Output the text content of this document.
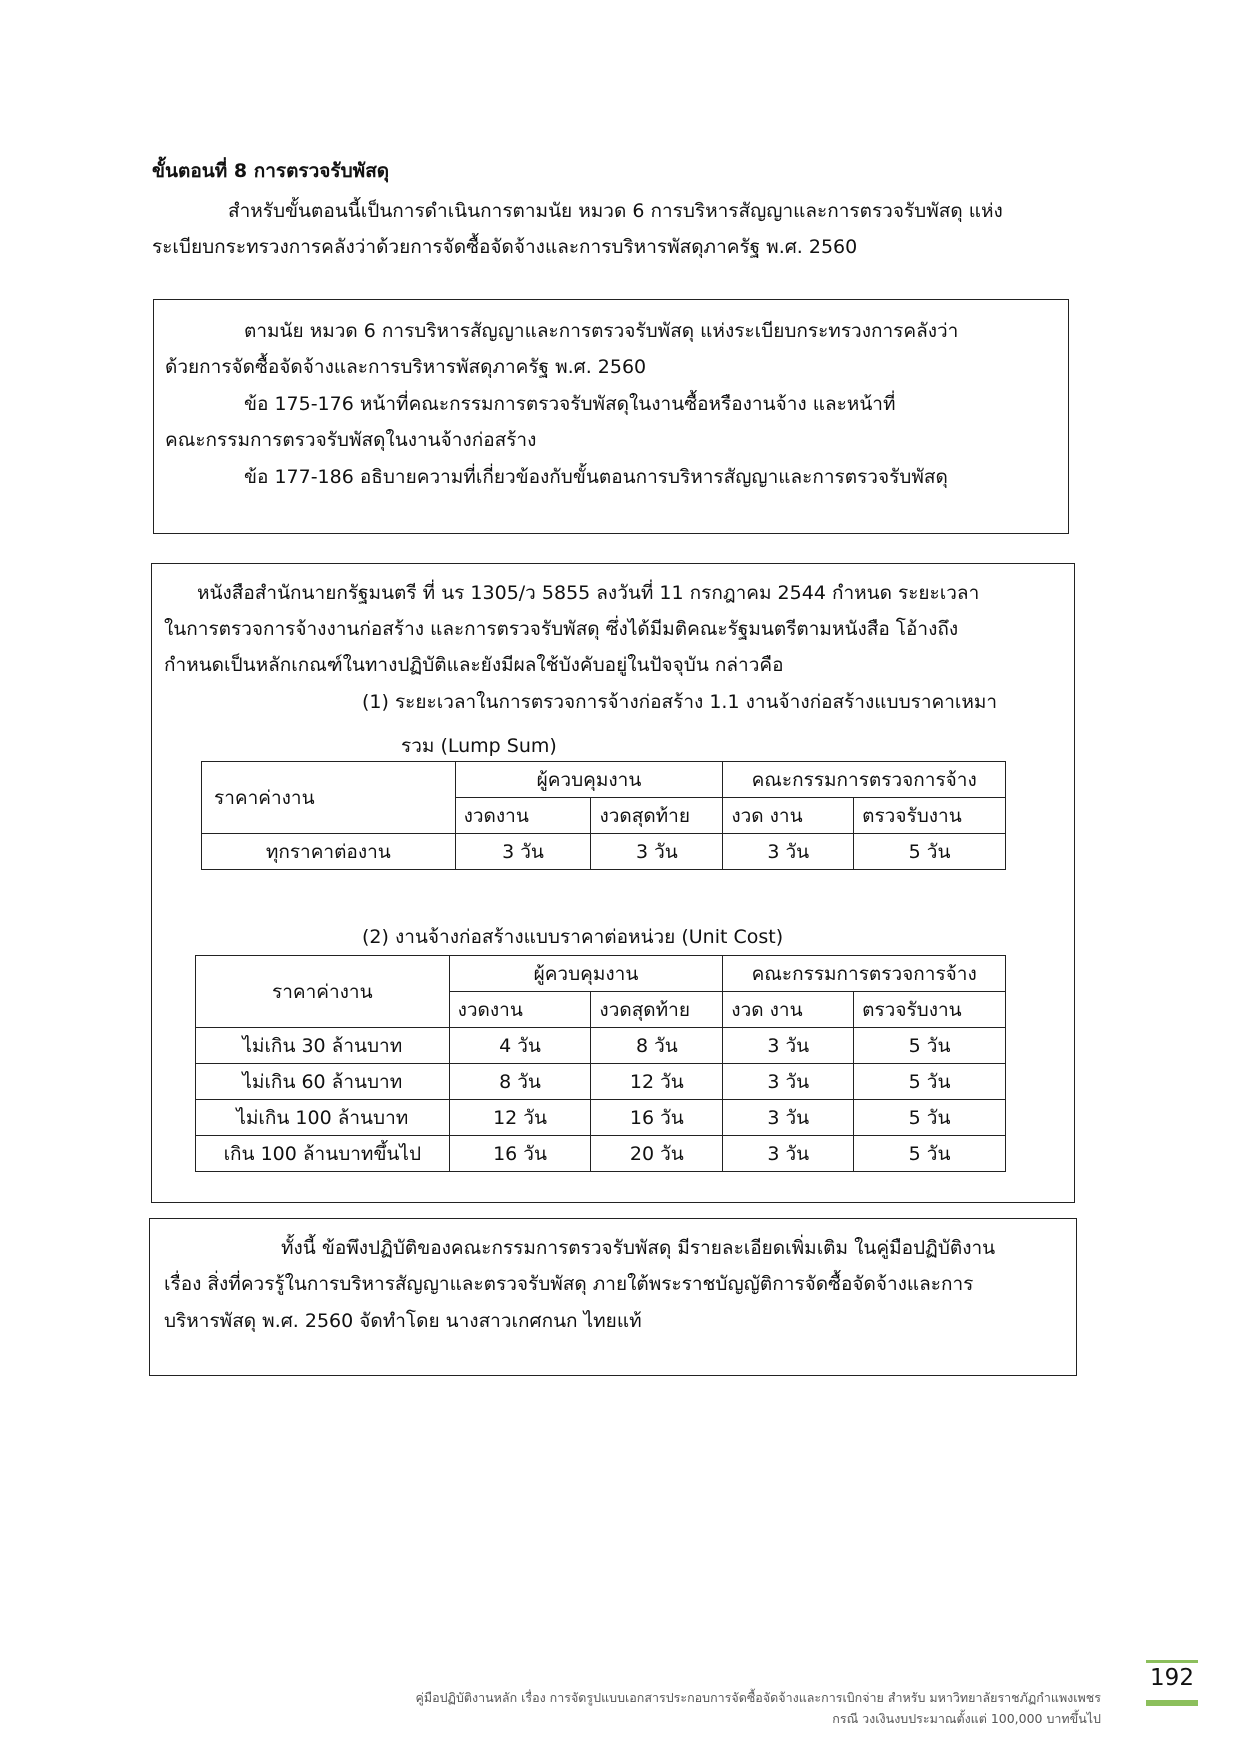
ขั้นตอนที่ 8 การตรวจรับพัสดุ

สำหรับขั้นตอนนี้เป็นการดำเนินการตามนัย หมวด 6 การบริหารสัญญาและการตรวจรับพัสดุ แห่ง

ระเบียบกระทรวงการคลังว่าด้วยการจัดซื้อจัดจ้างและการบริหารพัสดุภาครัฐ พ.ศ. 2560

ตามนัย หมวด 6 การบริหารสัญญาและการตรวจรับพัสดุ แห่งระเบียบกระทรวงการคลังว่า

ด้วยการจัดซื้อจัดจ้างและการบริหารพัสดุภาครัฐ พ.ศ. 2560

ข้อ 175-176 หน้าที่คณะกรรมการตรวจรับพัสดุในงานซื้อหรืองานจ้าง และหน้าที่

คณะกรรมการตรวจรับพัสดุในงานจ้างก่อสร้าง

ข้อ 177-186 อธิบายความที่เกี่ยวข้องกับขั้นตอนการบริหารสัญญาและการตรวจรับพัสดุ

หนังสือสำนักนายกรัฐมนตรี ที่ นร 1305/ว 5855 ลงวันที่ 11 กรกฎาคม 2544 กำหนด ระยะเวลา

ในการตรวจการจ้างงานก่อสร้าง และการตรวจรับพัสดุ ซึ่งได้มีมติคณะรัฐมนตรีตามหนังสือ โอ้างถึง

กำหนดเป็นหลักเกณฑ์ในทางปฏิบัติและยังมีผลใช้บังคับอยู่ในปัจจุบัน กล่าวคือ

(1) ระยะเวลาในการตรวจการจ้างก่อสร้าง 1.1 งานจ้างก่อสร้างแบบราคาเหมา

รวม (Lump Sum)

ราคาค่างาน	ผู้ควบคุมงาน		คณะกรรมการตรวจการจ้าง	
	งวดงาน	งวดสุดท้าย	งวด งาน	ตรวจรับงาน
ทุกราคาต่องาน	3 วัน	3 วัน	3 วัน	5 วัน

(2) งานจ้างก่อสร้างแบบราคาต่อหน่วย (Unit Cost)

ราคาค่างาน	ผู้ควบคุมงาน		คณะกรรมการตรวจการจ้าง	
	งวดงาน	งวดสุดท้าย	งวด งาน	ตรวจรับงาน
ไม่เกิน 30 ล้านบาท	4 วัน	8 วัน	3 วัน	5 วัน
ไม่เกิน 60 ล้านบาท	8 วัน	12 วัน	3 วัน	5 วัน
ไม่เกิน 100 ล้านบาท	12 วัน	16 วัน	3 วัน	5 วัน
เกิน 100 ล้านบาทขึ้นไป	16 วัน	20 วัน	3 วัน	5 วัน

ทั้งนี้ ข้อพึงปฏิบัติของคณะกรรมการตรวจรับพัสดุ มีรายละเอียดเพิ่มเติม ในคู่มือปฏิบัติงาน

เรื่อง สิ่งที่ควรรู้ในการบริหารสัญญาและตรวจรับพัสดุ ภายใต้พระราชบัญญัติการจัดซื้อจัดจ้างและการ

บริหารพัสดุ พ.ศ. 2560 จัดทำโดย นางสาวเกศกนก ไทยแท้

คู่มือปฏิบัติงานหลัก เรื่อง การจัดรูปแบบเอกสารประกอบการจัดซื้อจัดจ้างและการเบิกจ่าย สำหรับ มหาวิทยาลัยราชภัฏกำแพงเพชร
กรณี วงเงินงบประมาณตั้งแต่ 100,000 บาทขึ้นไป
192
